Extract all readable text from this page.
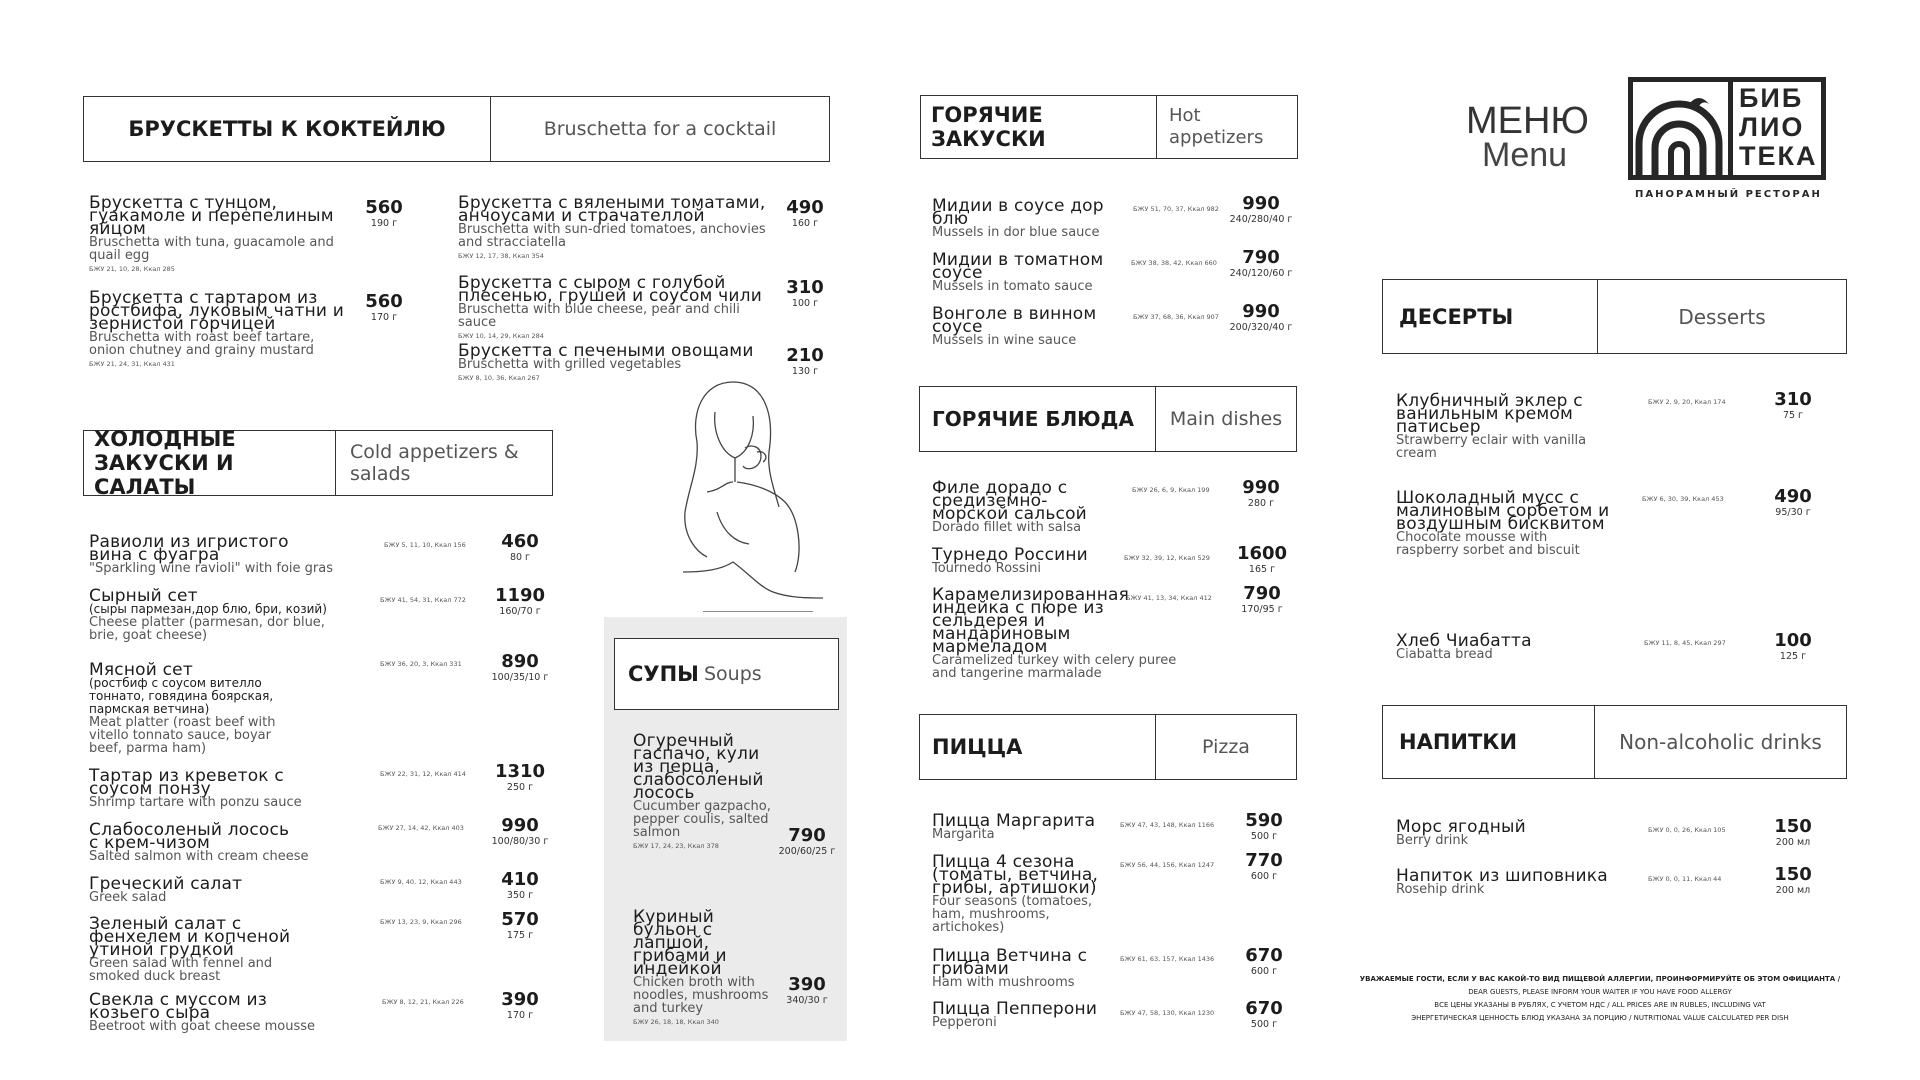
БРУСКЕТТЫ К КОКТЕЙЛЮ	Bruschetta for a cocktail
ХОЛОДНЫЕ ЗАКУСКИ И САЛАТЫ
Cold appetizers & salads
СУПЫ Soups
ГОРЯЧИЕ ЗАКУСКИ
Hot appetizers
ГОРЯЧИЕ БЛЮДА	Main dishes
ПИЦЦА	Pizza
ДЕСЕРТЫ	Desserts
НАПИТКИ	Non-alcoholic drinks
МЕНЮ
Menu
БИБ
ЛИО
ТЕКА
ПАНОРАМНЫЙ РЕСТОРАН
Брускетта с тунцом, гуакамоле и перепелиным яйцом
Bruschetta with tuna, guacamole and quail egg
БЖУ 21, 10, 28, Ккал 285
560
190 г
Брускетта с тартаром из ростбифа, луковым чатни и зернистой горчицей
Bruschetta with roast beef tartare, onion chutney and grainy mustard
БЖУ 21, 24, 31, Ккал 431
560
170 г
Брускетта с вялеными томатами, анчоусами и страчателлой
Bruschetta with sun-dried tomatoes, anchovies and stracciatella
БЖУ 12, 17, 38, Ккал 354
490
160 г
Брускетта с сыром с голубой плесенью, грушей и соусом чили
Bruschetta with blue cheese, pear and chili sauce
БЖУ 10, 14, 29, Ккал 284
310
100 г
Брускетта с печеными овощами
Bruschetta with grilled vegetables
БЖУ 8, 10, 36, Ккал 267
210
130 г
Равиоли из игристого вина с фуагра
"Sparkling wine ravioli" with foie gras
БЖУ 5, 11, 10, Ккал 156 460
80 г
Сырный сет
(сыры пармезан,дор блю, бри, козий)
Cheese platter (parmesan, dor blue, brie, goat cheese)
БЖУ 41, 54, 31, Ккал 772 1190
160/70 г
Мясной сет
(ростбиф с соусом вителло тоннато, говядина боярская, пармская ветчина)
Meat platter (roast beef with vitello tonnato sauce, boyar beef, parma ham)
БЖУ 36, 20, 3, Ккал 331	890
100/35/10 г
Тартар из креветок с соусом понзу
Shrimp tartare with ponzu sauce
БЖУ 22, 31, 12, Ккал 414 1310
250 г
Слабосоленый лосось с крем-чизом
Salted salmon with cream cheese
БЖУ 27, 14, 42, Ккал 403	990
100/80/30 г
Греческий салат
Greek salad
БЖУ 9, 40, 12, Ккал 443 410
350 г
Зеленый салат с фенхелем и копченой утиной грудкой
Green salad with fennel and smoked duck breast
БЖУ 13, 23, 9, Ккал 296 570
175 г
Свекла с муссом из козьего сыра
Beetroot with goat cheese mousse
БЖУ 8, 12, 21, Ккал 226 390
170 г
Огуречный гаспачо, кули из перца, слабосоленый лосось
Cucumber gazpacho, pepper coulis, salted salmon
БЖУ 17, 24, 23, Ккал 378	790
200/60/25 г
Куриный бульон с лапшой, грибами и индейкой
Chicken broth with noodles, mushrooms and turkey
БЖУ 26, 18, 18, Ккал 340
390
340/30 г
Мидии в соусе дор блю
Mussels in dor blue sauce
БЖУ 51, 70, 37, Ккал 982	990
240/280/40 г
Мидии в томатном соусе
Mussels in tomato sauce
БЖУ 38, 38, 42, Ккал 660	790
240/120/60 г
Вонголе в винном соусе
Mussels in wine sauce
БЖУ 37, 68, 36, Ккал 907	990
200/320/40 г
Филе дорадо с средиземно-морской сальсой
Dorado fillet with salsa
БЖУ 26, 6, 9, Ккал 199	990
280 г
Турнедо Россини
Tournedo Rossini
БЖУ 32, 39, 12, Ккал 529 1600
165 г
Карамелизированная индейка с пюре из сельдерея и мандариновым мармеладом
Caramelized turkey with celery puree and tangerine marmalade
БЖУ 41, 13, 34, Ккал 412	790
170/95 г
Пицца Маргарита
Margarita
БЖУ 47, 43, 148, Ккал 1166 590
500 г
Пицца 4 сезона (томаты, ветчина, грибы, артишоки)
Four seasons (tomatoes, ham, mushrooms, artichokes)
БЖУ 56, 44, 156, Ккал 1247 770
600 г
Пицца Ветчина с грибами
Ham with mushrooms
БЖУ 61, 63, 157, Ккал 1436 670
600 г
Пицца Пепперони
Pepperoni
БЖУ 47, 58, 130, Ккал 1230 670
500 г
Клубничный эклер с ванильным кремом патисьер
Strawberry eclair with vanilla cream
БЖУ 2, 9, 20, Ккал 174	310
75 г
Шоколадный мусс с малиновым сорбетом и воздушным бисквитом
Chocolate mousse with raspberry sorbet and biscuit
БЖУ 6, 30, 39, Ккал 453	490
95/30 г
Хлеб Чиабатта
Ciabatta bread
БЖУ 11, 8, 45, Ккал 297	100
125 г
Морс ягодный
Berry drink
БЖУ 0, 0, 26, Ккал 105	150
200 мл
Напиток из шиповника
Rosehip drink
БЖУ 0, 0, 11, Ккал 44	150
200 мл
УВАЖАЕМЫЕ ГОСТИ, ЕСЛИ У ВАС КАКОЙ-ТО ВИД ПИЩЕВОЙ АЛЛЕРГИИ, ПРОИНФОРМИРУЙТЕ ОБ ЭТОМ ОФИЦИАНТА /
DEAR GUESTS, PLEASE INFORM YOUR WAITER IF YOU HAVE FOOD ALLERGY
ВСЕ ЦЕНЫ УКАЗАНЫ В РУБЛЯХ, С УЧЕТОМ НДС / ALL PRICES ARE IN RUBLES, INCLUDING VAT
ЭНЕРГЕТИЧЕСКАЯ ЦЕННОСТЬ БЛЮД УКАЗАНА ЗА ПОРЦИЮ / NUTRITIONAL VALUE CALCULATED PER DISH
